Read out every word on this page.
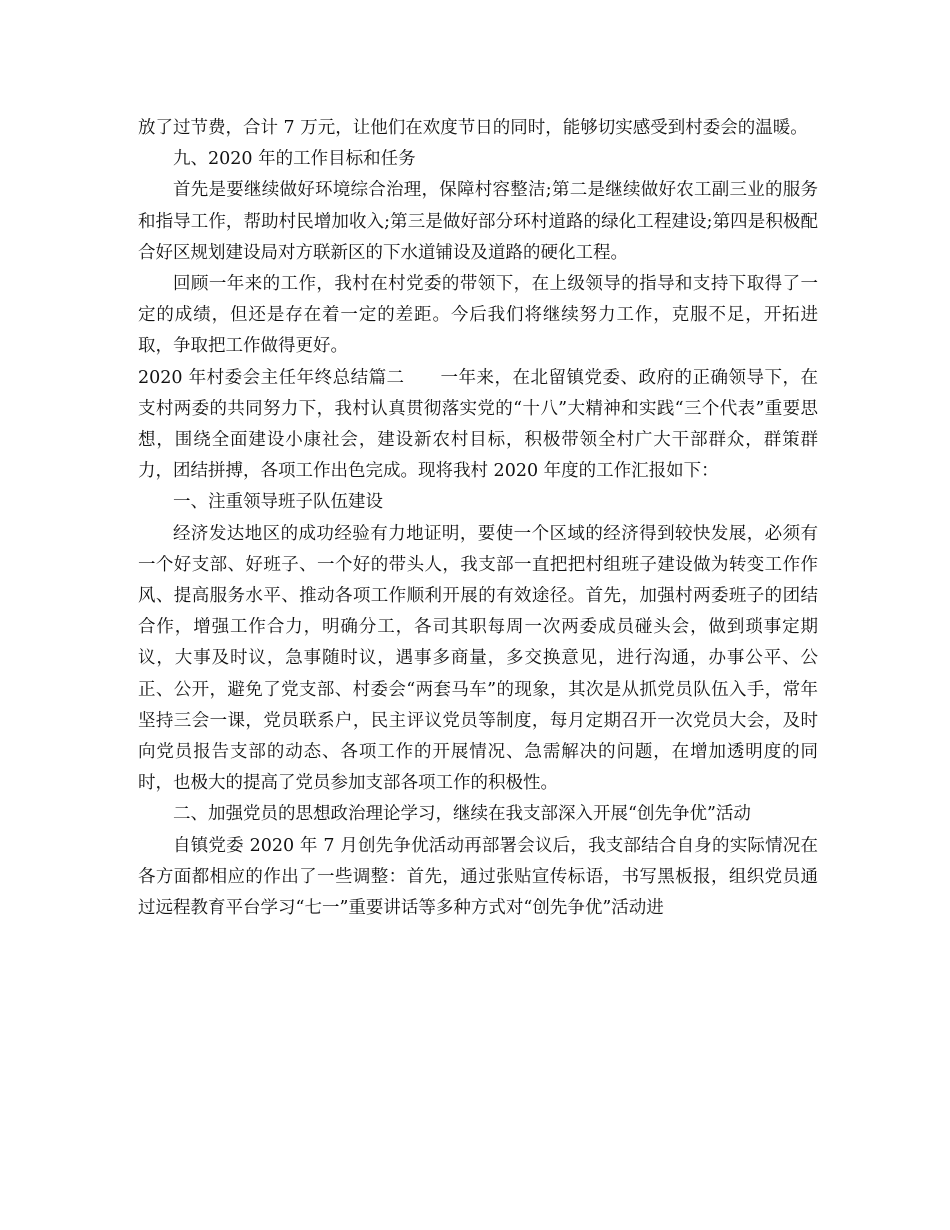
放了过节费，合计 7 万元，让他们在欢度节日的同时，能够切实感受到村委会的温暖。

九、2020 年的工作目标和任务

首先是要继续做好环境综合治理，保障村容整洁;第二是继续做好农工副三业的服务和指导工作，帮助村民增加收入;第三是做好部分环村道路的绿化工程建设;第四是积极配合好区规划建设局对方联新区的下水道铺设及道路的硬化工程。

回顾一年来的工作，我村在村党委的带领下，在上级领导的指导和支持下取得了一定的成绩，但还是存在着一定的差距。今后我们将继续努力工作，克服不足，开拓进取，争取把工作做得更好。

2020 年村委会主任年终总结篇二　　一年来，在北留镇党委、政府的正确领导下，在支村两委的共同努力下，我村认真贯彻落实党的“十八”大精神和实践“三个代表”重要思想，围绕全面建设小康社会，建设新农村目标，积极带领全村广大干部群众，群策群力，团结拼搏，各项工作出色完成。现将我村 2020 年度的工作汇报如下：

一、注重领导班子队伍建设

经济发达地区的成功经验有力地证明，要使一个区域的经济得到较快发展，必须有一个好支部、好班子、一个好的带头人，我支部一直把把村组班子建设做为转变工作作风、提高服务水平、推动各项工作顺利开展的有效途径。首先，加强村两委班子的团结合作，增强工作合力，明确分工，各司其职每周一次两委成员碰头会，做到琐事定期议，大事及时议，急事随时议，遇事多商量，多交换意见，进行沟通，办事公平、公正、公开，避免了党支部、村委会“两套马车”的现象，其次是从抓党员队伍入手，常年坚持三会一课，党员联系户，民主评议党员等制度，每月定期召开一次党员大会，及时向党员报告支部的动态、各项工作的开展情况、急需解决的问题，在增加透明度的同时，也极大的提高了党员参加支部各项工作的积极性。

二、加强党员的思想政治理论学习，继续在我支部深入开展“创先争优”活动

自镇党委 2020 年 7 月创先争优活动再部署会议后，我支部结合自身的实际情况在各方面都相应的作出了一些调整：首先，通过张贴宣传标语，书写黑板报，组织党员通过远程教育平台学习“七一”重要讲话等多种方式对“创先争优”活动进
